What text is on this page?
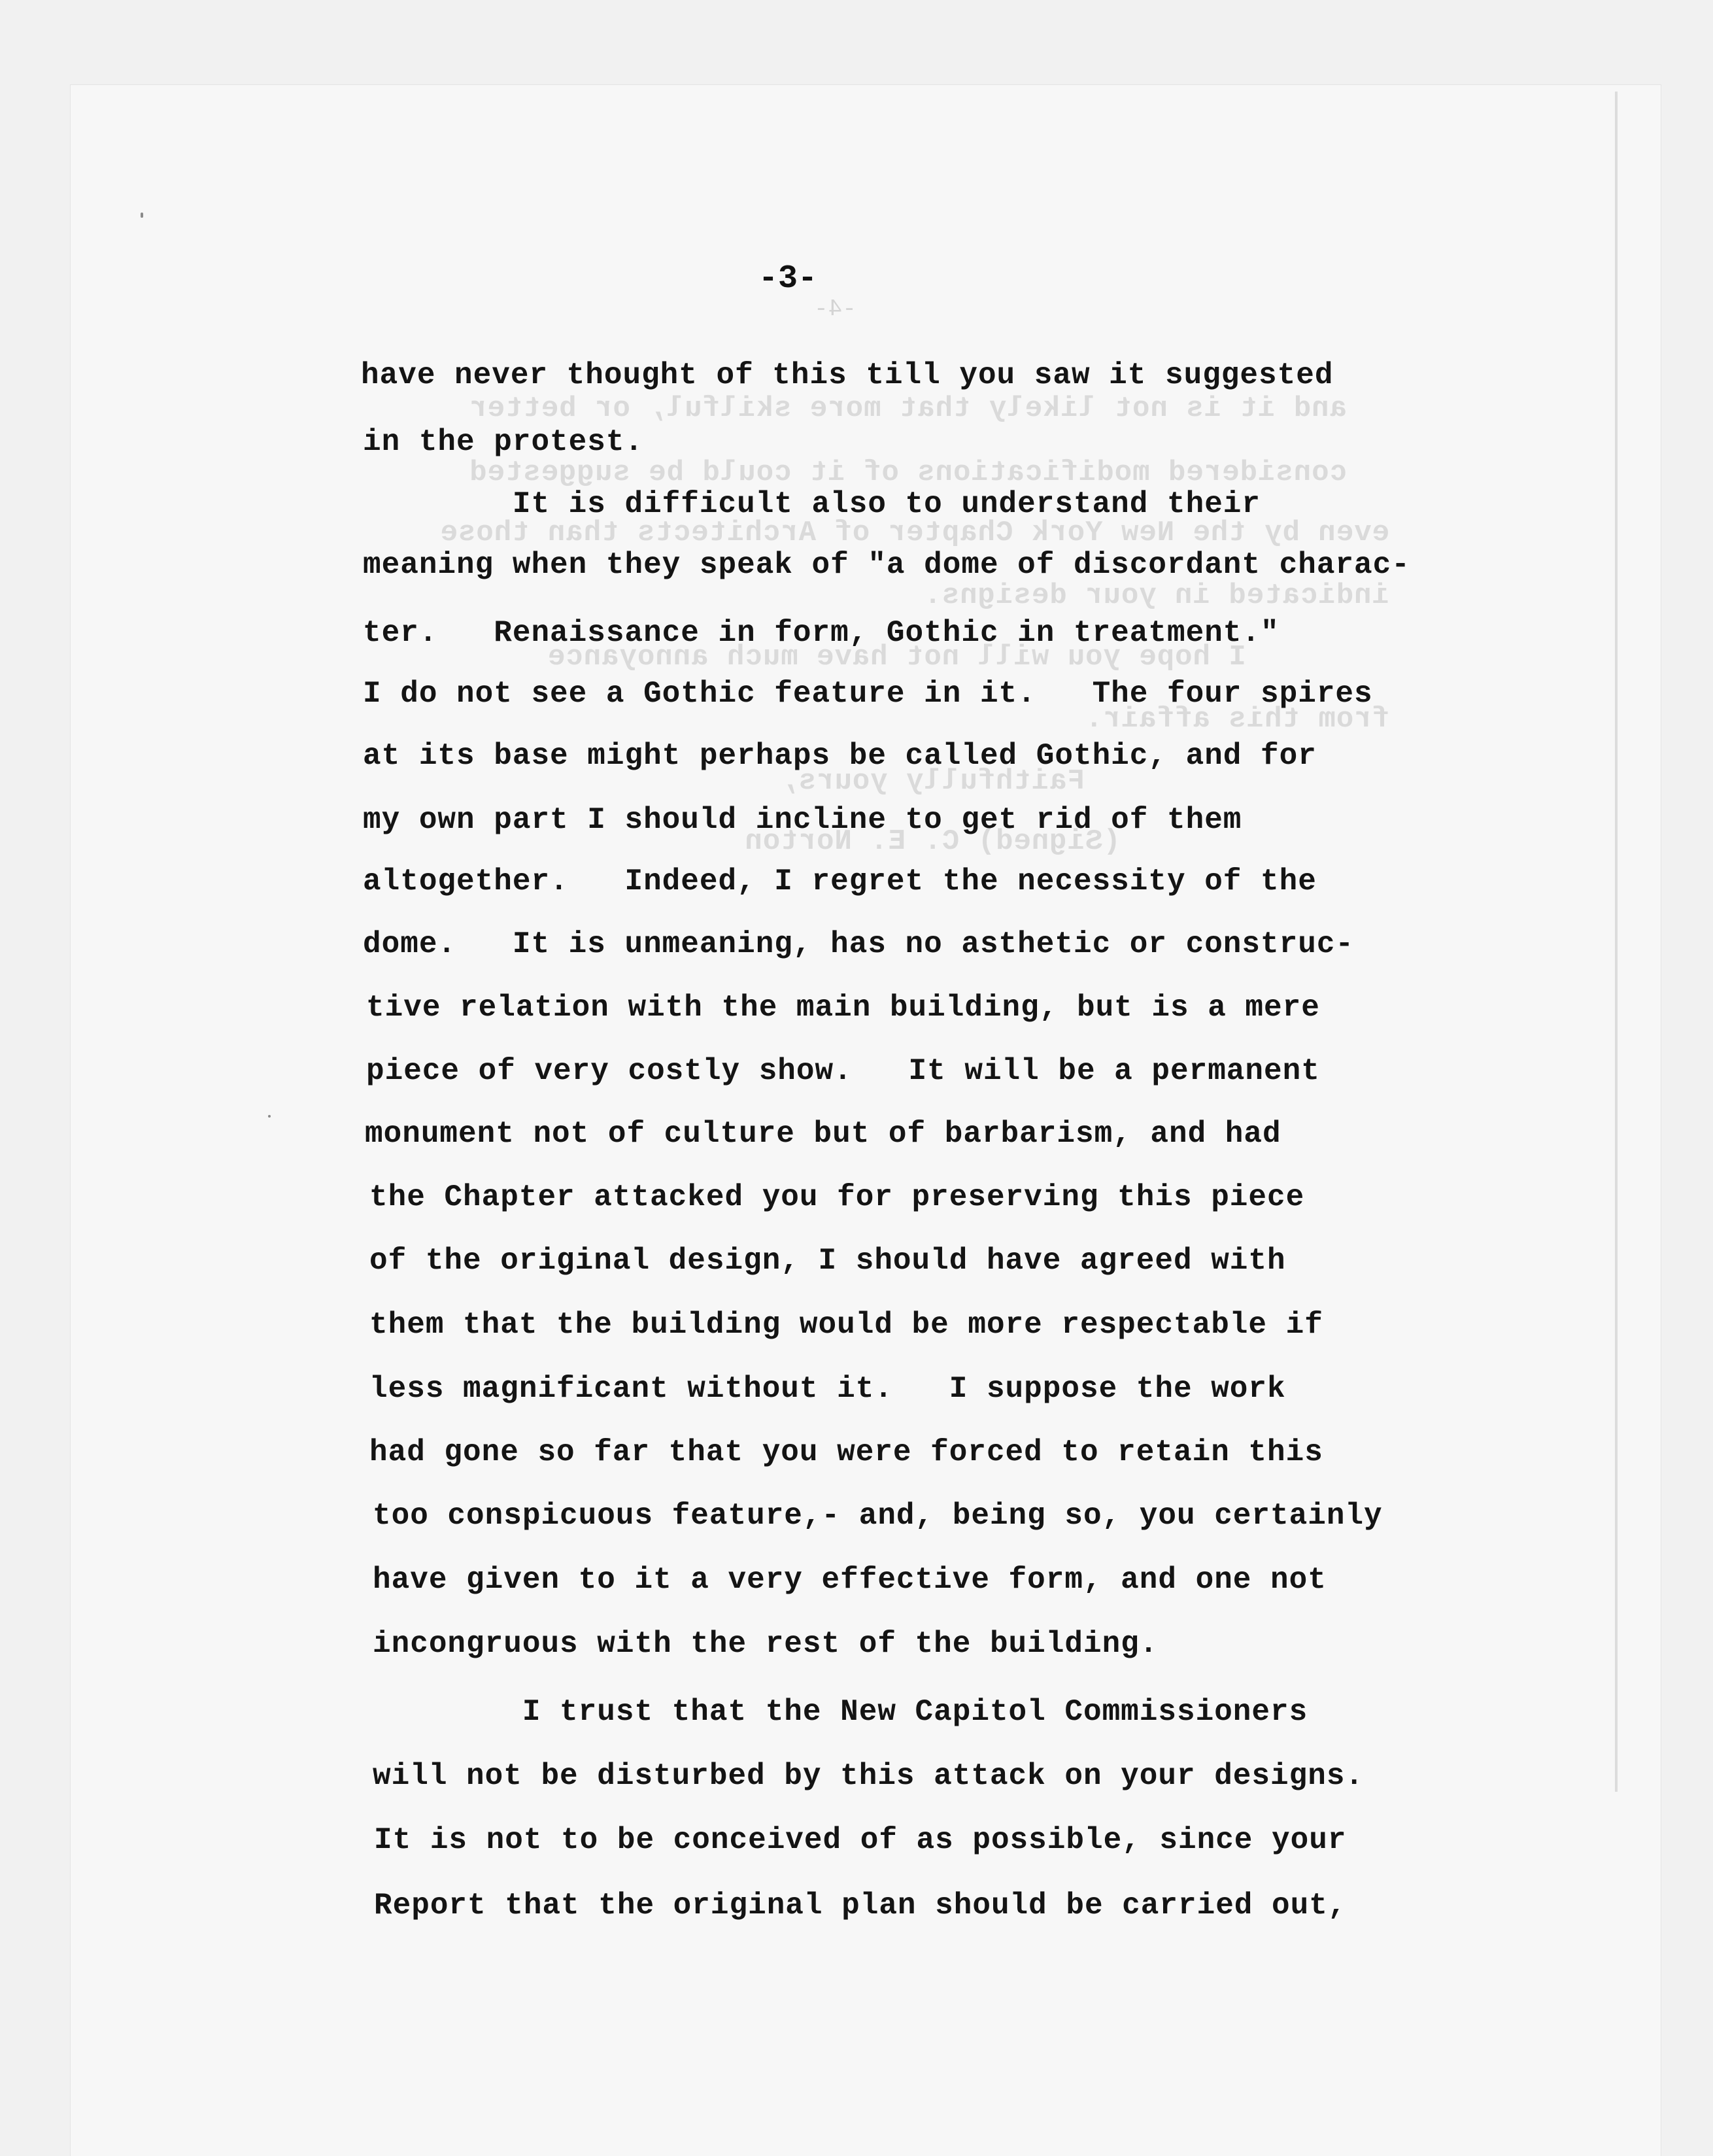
-4-
and it is not likely that more skilful, or better
considered modifications of it could be suggested
even by the New York Chapter of Architects than those
indicated in your designs.
I hope you will not have much annoyance
from this affair.
Faithfully yours,
(Signed) C. E. Norton
-3-
have never thought of this till you saw it suggested
in the protest.
It is difficult also to understand their
meaning when they speak of "a dome of discordant charac-
ter.   Renaissance in form, Gothic in treatment."
I do not see a Gothic feature in it.   The four spires
at its base might perhaps be called Gothic, and for
my own part I should incline to get rid of them
altogether.   Indeed, I regret the necessity of the
dome.   It is unmeaning, has no asthetic or construc-
tive relation with the main building, but is a mere
piece of very costly show.   It will be a permanent
monument not of culture but of barbarism, and had
the Chapter attacked you for preserving this piece
of the original design, I should have agreed with
them that the building would be more respectable if
less magnificant without it.   I suppose the work
had gone so far that you were forced to retain this
too conspicuous feature,- and, being so, you certainly
have given to it a very effective form, and one not
incongruous with the rest of the building.
I trust that the New Capitol Commissioners
will not be disturbed by this attack on your designs.
It is not to be conceived of as possible, since your
Report that the original plan should be carried out,
